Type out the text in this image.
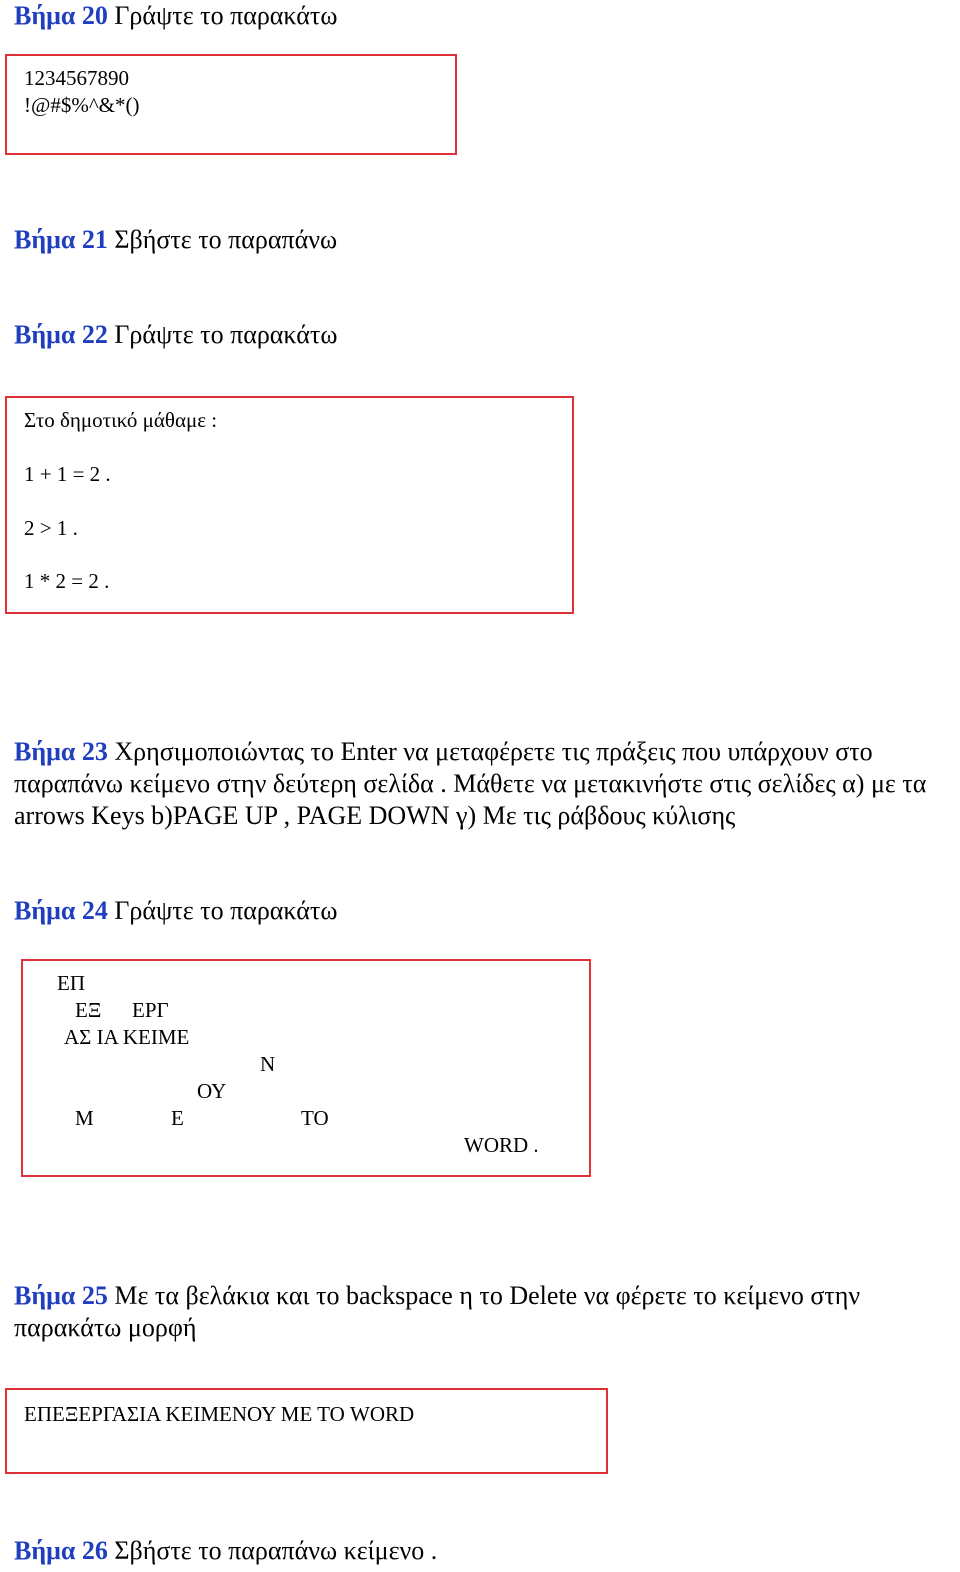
Βήμα 20 Γράψτε το παρακάτω
1234567890
!@#$%^&*()
Βήμα 21 Σβήστε το παραπάνω
Βήμα 22 Γράψτε το παρακάτω
Στο δημοτικό μάθαμε :
1 + 1 = 2 .
2 > 1 .
1 * 2 = 2 .
Βήμα 23 Χρησιμοποιώντας το Enter να μεταφέρετε τις πράξεις που υπάρχουν στο παραπάνω κείμενο στην δεύτερη σελίδα . Μάθετε να μετακινήστε στις σελίδες α) με τα arrows Keys b)PAGE UP , PAGE DOWN γ) Με τις ράβδους κύλισης
Βήμα 24 Γράψτε το παρακάτω
ΕΠ
ΕΞ ΕΡΓ
ΑΣ ΙΑ ΚΕΙΜΕ
Ν
ΟΥ
Μ	Ε	ΤΟ
WORD .
Βήμα 25 Με τα βελάκια και το backspace η το Delete να φέρετε το κείμενο στην παρακάτω μορφή
ΕΠΕΞΕΡΓΑΣΙΑ ΚΕΙΜΕΝΟΥ ΜΕ ΤΟ WORD
Βήμα 26 Σβήστε το παραπάνω κείμενο .
